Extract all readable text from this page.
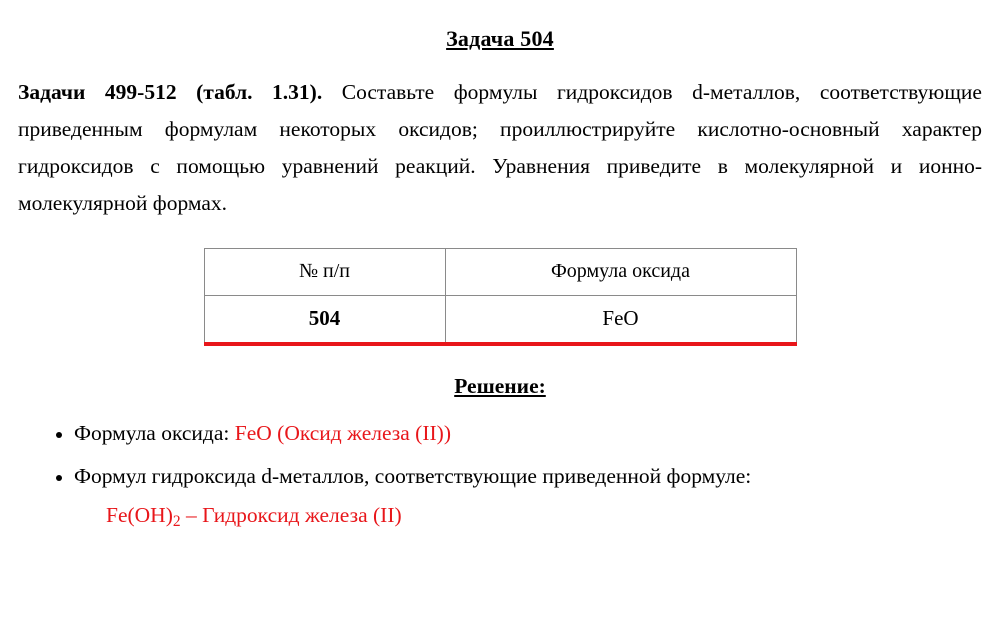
Задача 504

Задачи 499-512 (табл. 1.31). Составьте формулы гидроксидов d-металлов, соответствующие приведенным формулам некоторых оксидов; проиллюстрируйте кислотно-основный характер гидроксидов с помощью уравнений реакций. Уравнения приведите в молекулярной и ионно-молекулярной формах.

№ п/п	Формула оксида
504	FeO
Решение:
• Формула оксида: FeO (Оксид железа (II))
• Формул гидроксида d-металлов, соответствующие приведенной формуле:
$Fe(OH)_2$ – Гидроксид железа (II)
